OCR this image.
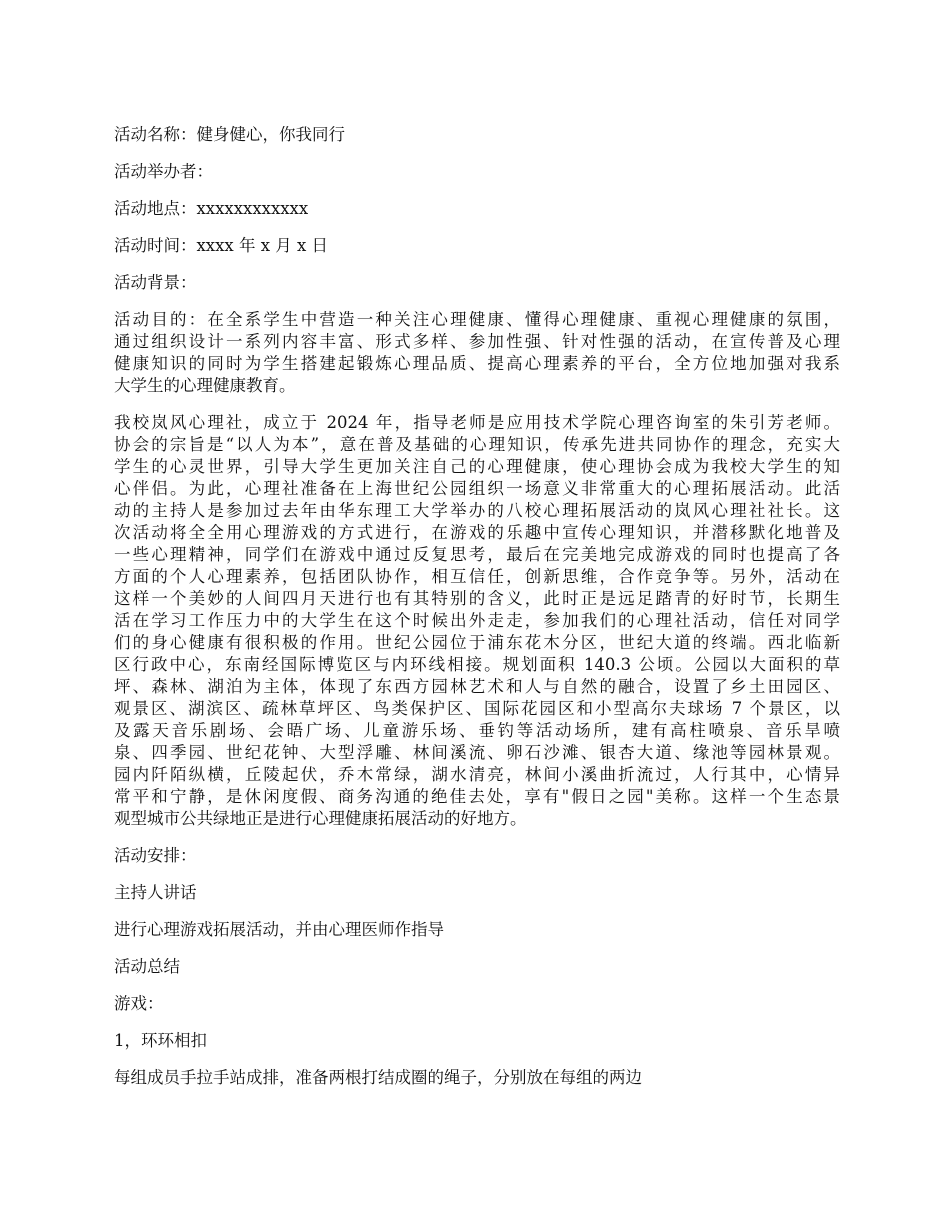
活动名称：健身健心，你我同行

活动举办者：

活动地点：xxxxxxxxxxxx

活动时间：xxxx 年 x 月 x 日

活动背景：

活动目的：在全系学生中营造一种关注心理健康、懂得心理健康、重视心理健康的氛围，
通过组织设计一系列内容丰富、形式多样、参加性强、针对性强的活动，在宣传普及心理
健康知识的同时为学生搭建起锻炼心理品质、提高心理素养的平台，全方位地加强对我系
大学生的心理健康教育。
我校岚风心理社，成立于 2024 年，指导老师是应用技术学院心理咨询室的朱引芳老师。
协会的宗旨是“以人为本”，意在普及基础的心理知识，传承先进共同协作的理念，充实大
学生的心灵世界，引导大学生更加关注自己的心理健康，使心理协会成为我校大学生的知
心伴侣。为此，心理社准备在上海世纪公园组织一场意义非常重大的心理拓展活动。此活
动的主持人是参加过去年由华东理工大学举办的八校心理拓展活动的岚风心理社社长。这
次活动将全全用心理游戏的方式进行，在游戏的乐趣中宣传心理知识，并潜移默化地普及
一些心理精神，同学们在游戏中通过反复思考，最后在完美地完成游戏的同时也提高了各
方面的个人心理素养，包括团队协作，相互信任，创新思维，合作竞争等。另外，活动在
这样一个美妙的人间四月天进行也有其特别的含义，此时正是远足踏青的好时节，长期生
活在学习工作压力中的大学生在这个时候出外走走，参加我们的心理社活动，信任对同学
们的身心健康有很积极的作用。世纪公园位于浦东花木分区，世纪大道的终端。西北临新
区行政中心，东南经国际博览区与内环线相接。规划面积 140.3 公顷。公园以大面积的草
坪、森林、湖泊为主体，体现了东西方园林艺术和人与自然的融合，设置了乡土田园区、
观景区、湖滨区、疏林草坪区、鸟类保护区、国际花园区和小型高尔夫球场 7 个景区，以
及露天音乐剧场、会晤广场、儿童游乐场、垂钓等活动场所，建有高柱喷泉、音乐旱喷
泉、四季园、世纪花钟、大型浮雕、林间溪流、卵石沙滩、银杏大道、缘池等园林景观。
园内阡陌纵横，丘陵起伏，乔木常绿，湖水清亮，林间小溪曲折流过，人行其中，心情异
常平和宁静，是休闲度假、商务沟通的绝佳去处，享有"假日之园"美称。这样一个生态景
观型城市公共绿地正是进行心理健康拓展活动的好地方。

活动安排：

主持人讲话

进行心理游戏拓展活动，并由心理医师作指导

活动总结

游戏：

1，环环相扣

每组成员手拉手站成排，准备两根打结成圈的绳子，分别放在每组的两边
